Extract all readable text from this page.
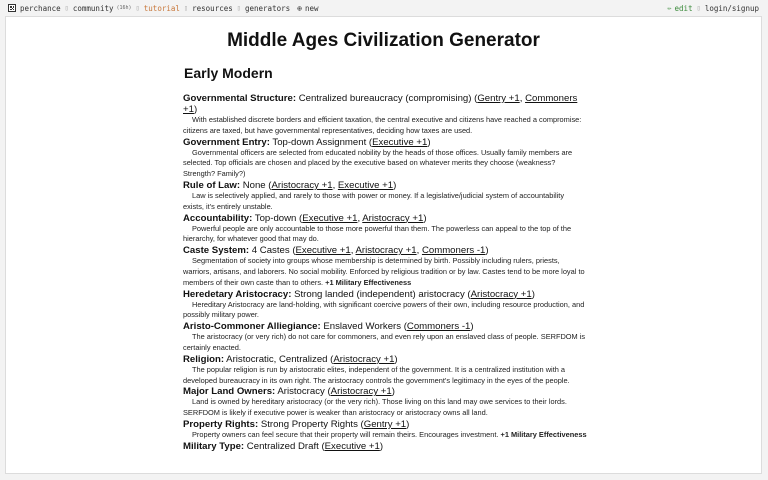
perchance ▯ community (16h) ▯ tutorial ▯ resources ▯ generators ⊕ new	✏ edit ▯ login/signup
Middle Ages Civilization Generator
Early Modern
Governmental Structure: Centralized bureaucracy (compromising) (Gentry +1, Commoners +1)

With established discrete borders and efficient taxation, the central executive and citizens have reached a compromise: citizens are taxed, but have governmental representatives, deciding how taxes are used.

Government Entry: Top-down Assignment (Executive +1)

Governmental officers are selected from educated nobility by the heads of those offices. Usually family members are selected. Top officials are chosen and placed by the executive based on whatever merits they choose (weakness? Strength? Family?)

Rule of Law: None (Aristocracy +1, Executive +1)

Law is selectively applied, and rarely to those with power or money. If a legislative/judicial system of accountability exists, it's entirely unstable.

Accountability: Top-down (Executive +1, Aristocracy +1)

Powerful people are only accountable to those more powerful than them. The powerless can appeal to the top of the hierarchy, for whatever good that may do.

Caste System: 4 Castes (Executive +1, Aristocracy +1, Commoners -1)

Segmentation of society into groups whose membership is determined by birth. Possibly including rulers, priests, warriors, artisans, and laborers. No social mobility. Enforced by religious tradition or by law. Castes tend to be more loyal to members of their own caste than to others. +1 Military Effectiveness

Heredetary Aristocracy: Strong landed (independent) aristocracy (Aristocracy +1)

Hereditary Aristocracy are land-holding, with significant coercive powers of their own, including resource production, and possibly military power.

Aristo-Commoner Alliegiance: Enslaved Workers (Commoners -1)

The aristocracy (or very rich) do not care for commoners, and even rely upon an enslaved class of people. SERFDOM is certainly enacted.

Religion: Aristocratic, Centralized (Aristocracy +1)

The popular religion is run by aristocratic elites, independent of the government. It is a centralized institution with a developed bureaucracy in its own right. The aristocracy controls the government's legitimacy in the eyes of the people.

Major Land Owners: Aristocracy (Aristocracy +1)

Land is owned by hereditary aristocracy (or the very rich). Those living on this land may owe services to their lords. SERFDOM is likely if executive power is weaker than aristocracy or aristocracy owns all land.

Property Rights: Strong Property Rights (Gentry +1)

Property owners can feel secure that their property will remain theirs. Encourages investment. +1 Military Effectiveness

Military Type: Centralized Draft (Executive +1)
